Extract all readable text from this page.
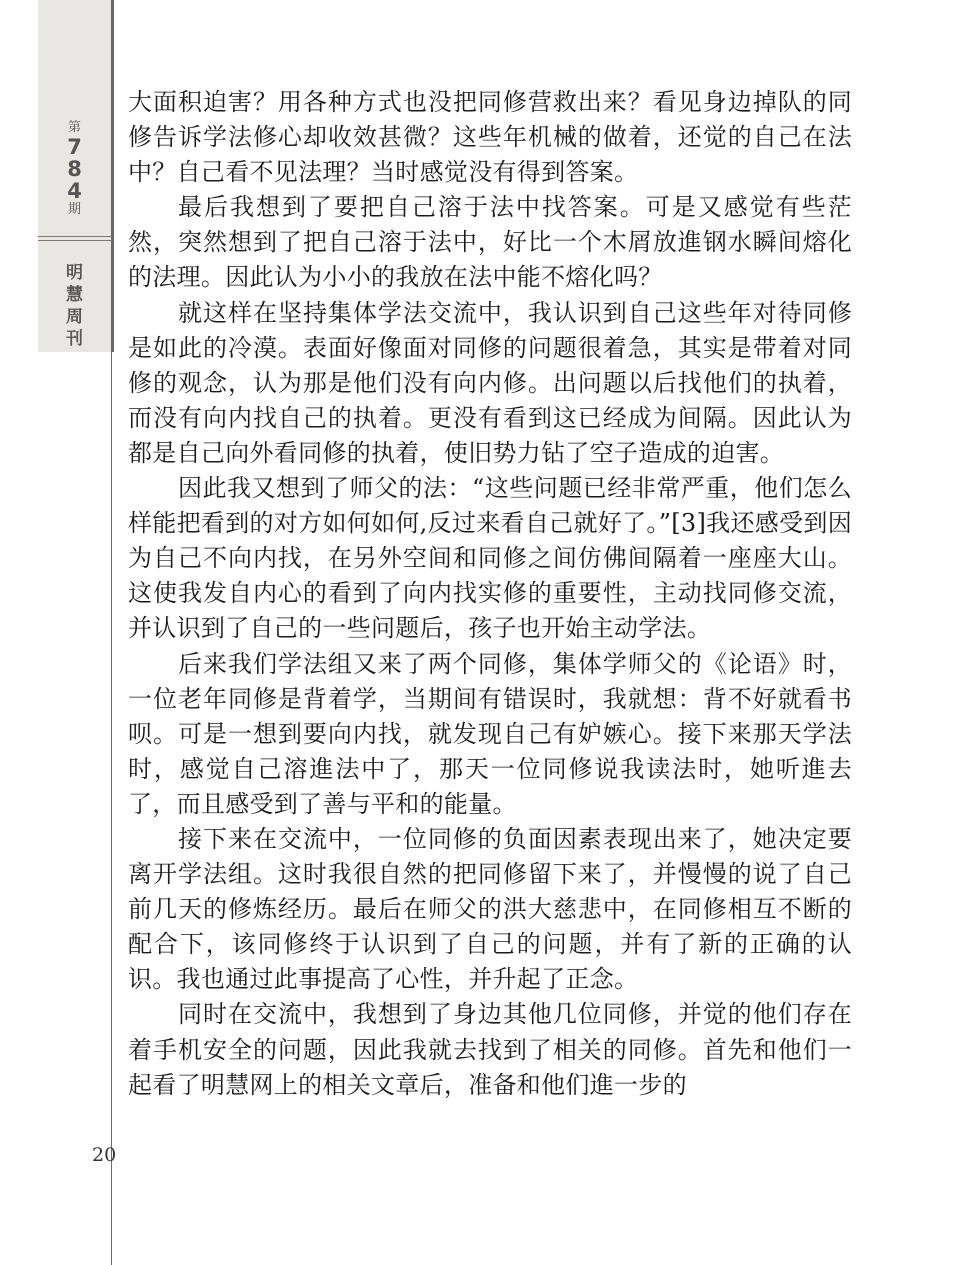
第
7
8
4
期
明
慧
周
刊

大面积迫害？用各种方式也没把同修营救出来？看见身边掉队的同修告诉学法修心却收效甚微？这些年机械的做着，还觉的自己在法中？自己看不见法理？当时感觉没有得到答案。

最后我想到了要把自己溶于法中找答案。可是又感觉有些茫然，突然想到了把自己溶于法中，好比一个木屑放進钢水瞬间熔化的法理。因此认为小小的我放在法中能不熔化吗？

就这样在坚持集体学法交流中，我认识到自己这些年对待同修是如此的冷漠。表面好像面对同修的问题很着急，其实是带着对同修的观念，认为那是他们没有向内修。出问题以后找他们的执着，而没有向内找自己的执着。更没有看到这已经成为间隔。因此认为都是自己向外看同修的执着，使旧势力钻了空子造成的迫害。

因此我又想到了师父的法：“这些问题已经非常严重，他们怎么样能把看到的对方如何如何,反过来看自己就好了。”[3]我还感受到因为自己不向内找，在另外空间和同修之间仿佛间隔着一座座大山。这使我发自内心的看到了向内找实修的重要性，主动找同修交流，并认识到了自己的一些问题后，孩子也开始主动学法。

后来我们学法组又来了两个同修，集体学师父的《论语》时，一位老年同修是背着学，当期间有错误时，我就想：背不好就看书呗。可是一想到要向内找，就发现自己有妒嫉心。接下来那天学法时，感觉自己溶進法中了，那天一位同修说我读法时，她听進去了，而且感受到了善与平和的能量。

接下来在交流中，一位同修的负面因素表现出来了，她决定要离开学法组。这时我很自然的把同修留下来了，并慢慢的说了自己前几天的修炼经历。最后在师父的洪大慈悲中，在同修相互不断的配合下，该同修终于认识到了自己的问题，并有了新的正确的认识。我也通过此事提高了心性，并升起了正念。

同时在交流中，我想到了身边其他几位同修，并觉的他们存在着手机安全的问题，因此我就去找到了相关的同修。首先和他们一起看了明慧网上的相关文章后，准备和他们進一步的

20
